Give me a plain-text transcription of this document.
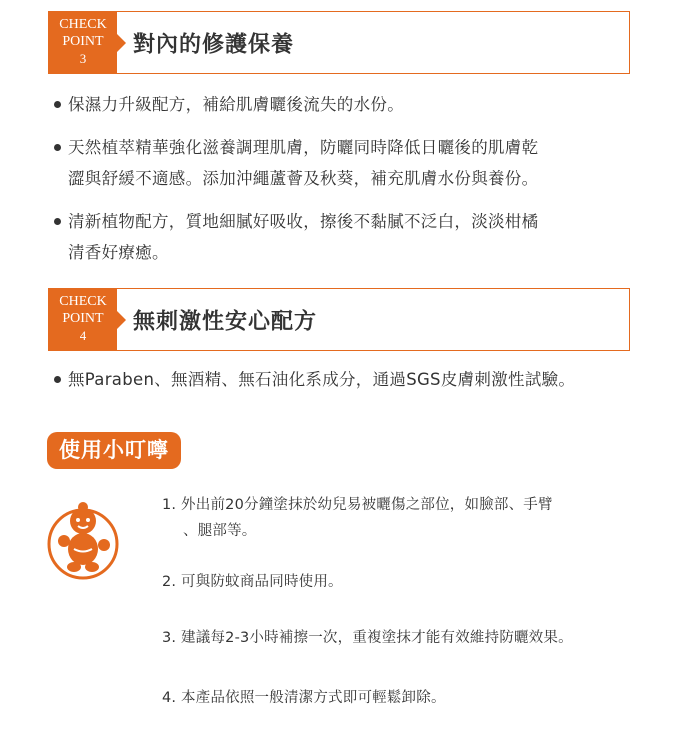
CHECK
POINT
3
對內的修護保養
保濕力升級配方，補給肌膚曬後流失的水份。
天然植萃精華強化滋養調理肌膚，防曬同時降低日曬後的肌膚乾
澀與舒緩不適感。添加沖繩蘆薈及秋葵，補充肌膚水份與養份。
清新植物配方，質地細膩好吸收，擦後不黏膩不泛白，淡淡柑橘
清香好療癒。
CHECK
POINT
4
無刺激性安心配方
無Paraben、無酒精、無石油化系成分，通過SGS皮膚刺激性試驗。
使用小叮嚀
1. 外出前20分鐘塗抹於幼兒易被曬傷之部位，如臉部、手臂
、腿部等。
2. 可與防蚊商品同時使用。
3. 建議每2-3小時補擦一次，重複塗抹才能有效維持防曬效果。
4. 本產品依照一般清潔方式即可輕鬆卸除。
